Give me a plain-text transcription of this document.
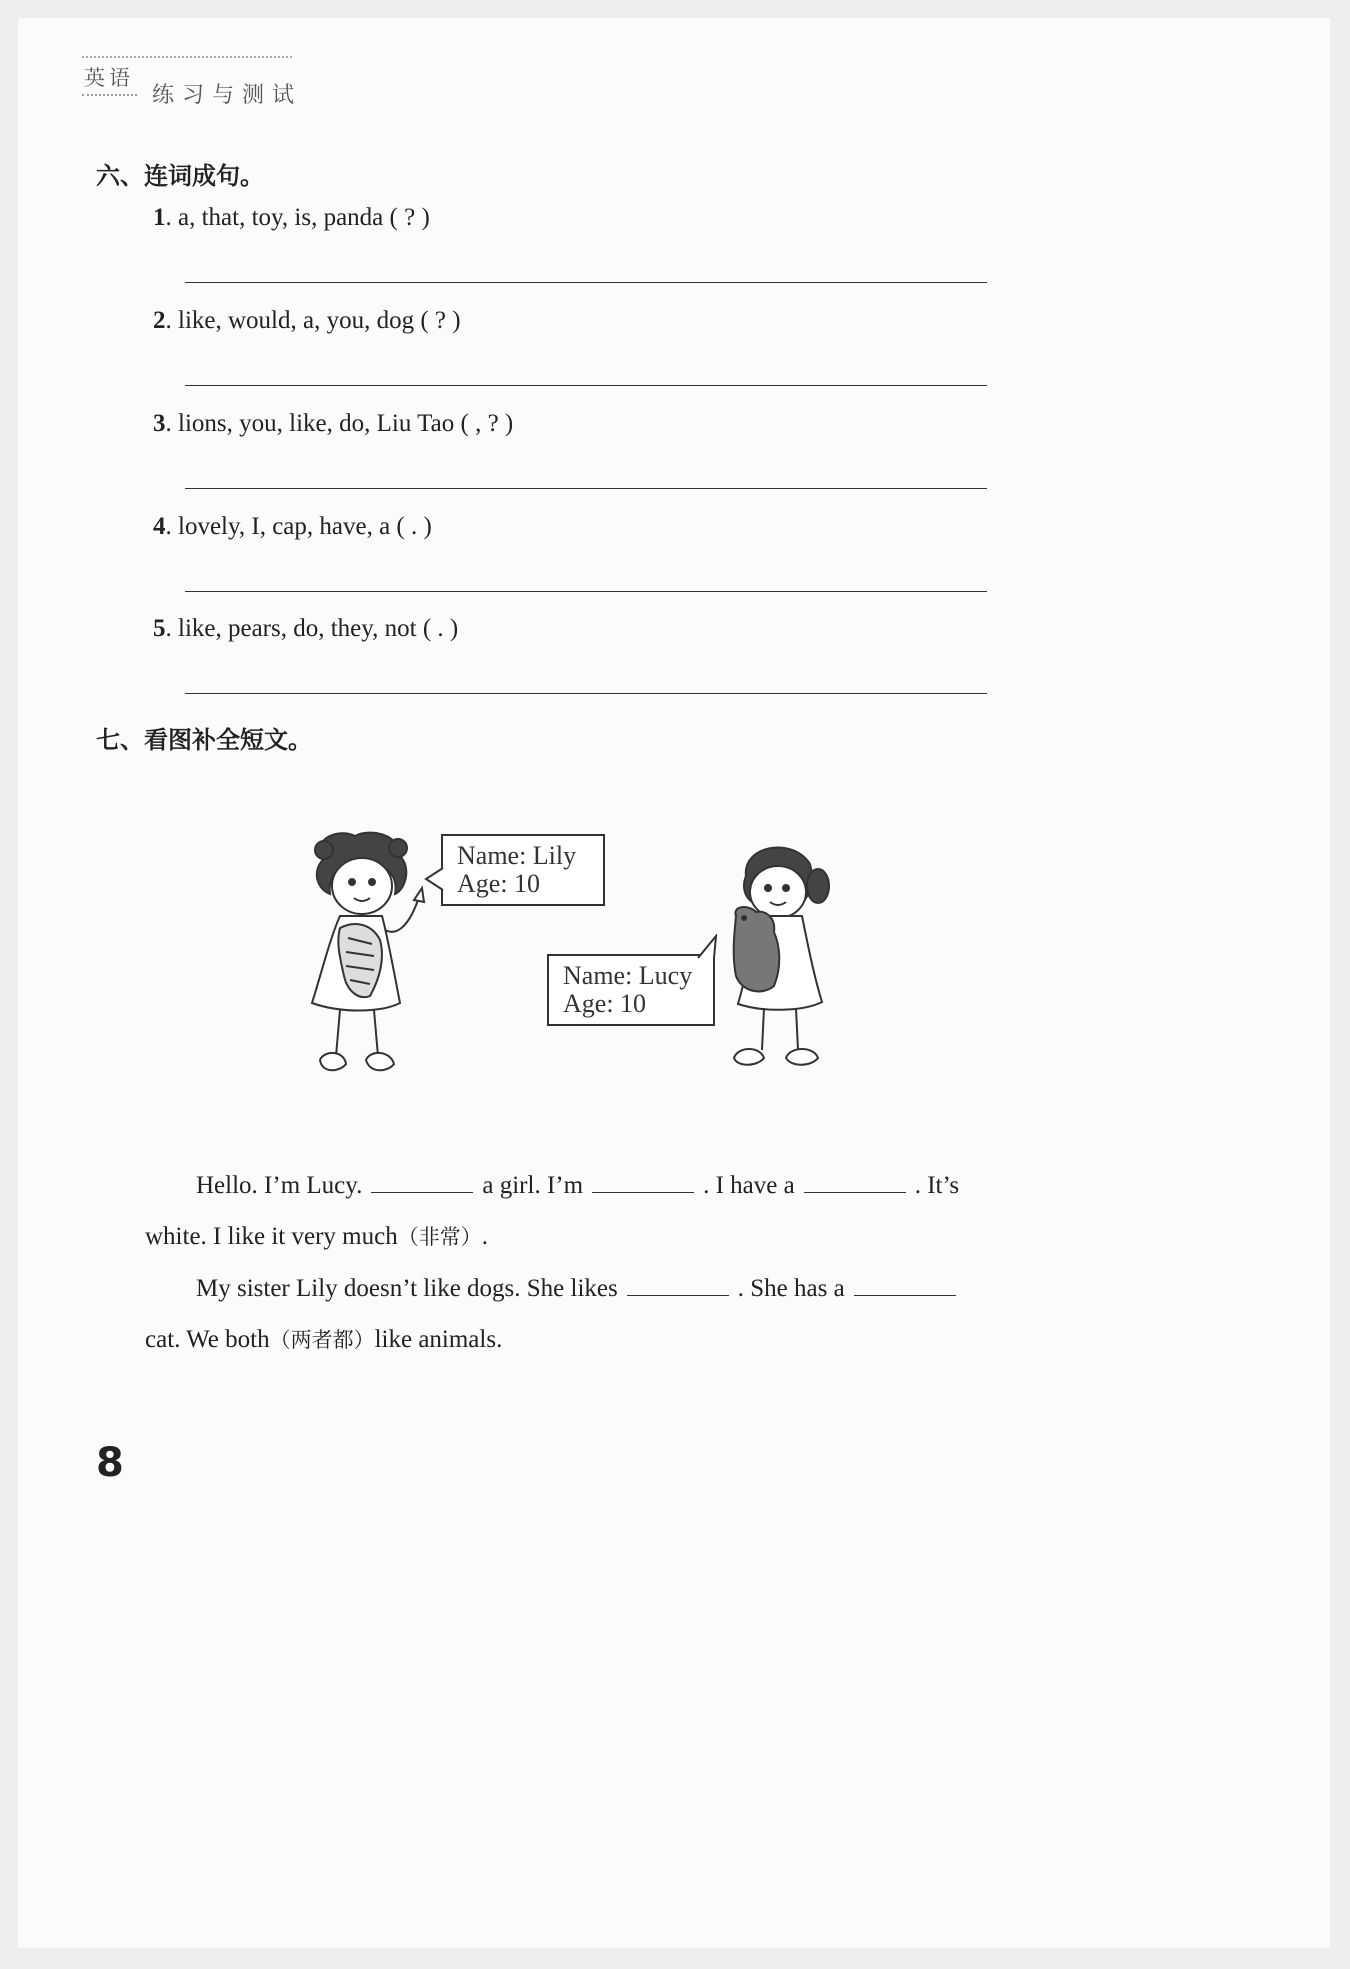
英语
练习与测试
六、连词成句。
1. a, that, toy, is, panda ( ? )
2. like, would, a, you, dog ( ? )
3. lions, you, like, do, Liu Tao ( , ? )
4. lovely, I, cap, have, a ( . )
5. like, pears, do, they, not ( . )
七、看图补全短文。
Name: Lily
Age: 10
Name: Lucy
Age: 10
Hello. I’m Lucy.	a girl. I’m	. I have a	. It’s
white. I like it very much（非常）.
My sister Lily doesn’t like dogs. She likes	. She has a
cat. We both（两者都）like animals.
8
